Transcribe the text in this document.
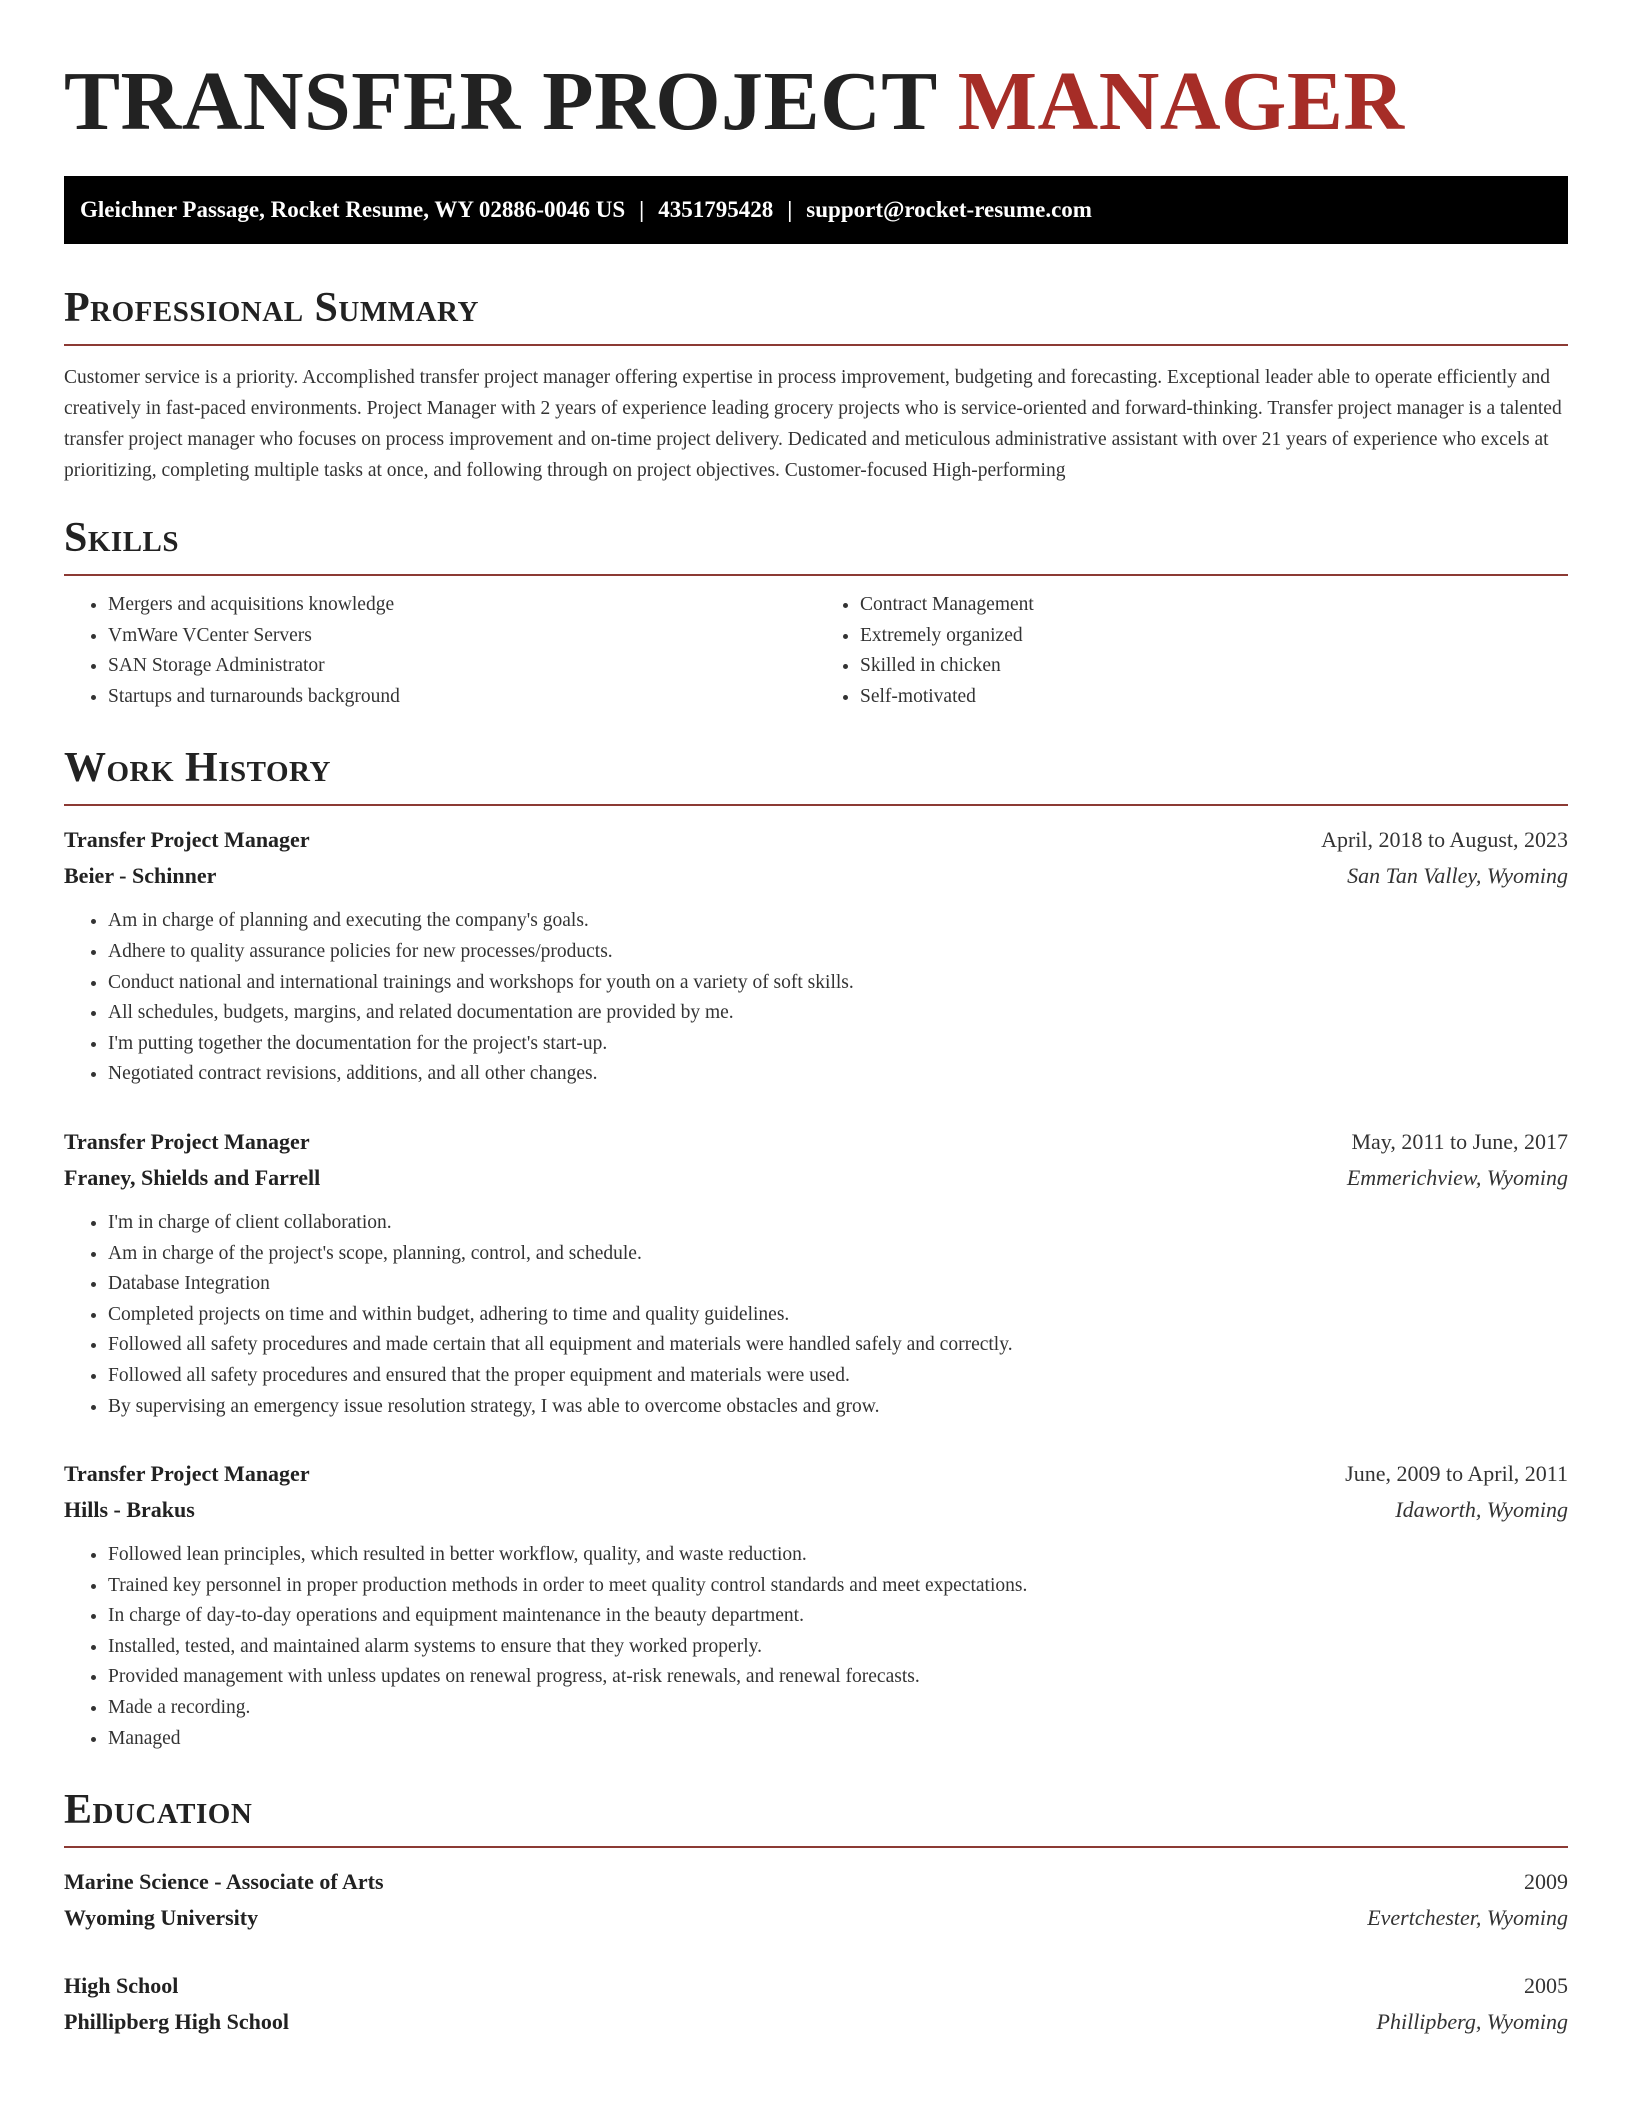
TRANSFER PROJECT MANAGER
Gleichner Passage, Rocket Resume, WY 02886-0046 US | 4351795428 | support@rocket-resume.com
Professional Summary

Customer service is a priority. Accomplished transfer project manager offering expertise in process improvement, budgeting and forecasting. Exceptional leader able to operate efficiently and creatively in fast-paced environments. Project Manager with 2 years of experience leading grocery projects who is service-oriented and forward-thinking. Transfer project manager is a talented transfer project manager who focuses on process improvement and on-time project delivery. Dedicated and meticulous administrative assistant with over 21 years of experience who excels at prioritizing, completing multiple tasks at once, and following through on project objectives. Customer-focused High-performing

Skills
• Mergers and acquisitions knowledge
• VmWare VCenter Servers
• SAN Storage Administrator
• Startups and turnarounds background
• Contract Management
• Extremely organized
• Skilled in chicken
• Self-motivated
Work History
Transfer Project Manager	April, 2018 to August, 2023
Beier - Schinner	San Tan Valley, Wyoming
• Am in charge of planning and executing the company's goals.
• Adhere to quality assurance policies for new processes/products.
• Conduct national and international trainings and workshops for youth on a variety of soft skills.
• All schedules, budgets, margins, and related documentation are provided by me.
• I'm putting together the documentation for the project's start-up.
• Negotiated contract revisions, additions, and all other changes.
Transfer Project Manager	May, 2011 to June, 2017
Franey, Shields and Farrell	Emmerichview, Wyoming
• I'm in charge of client collaboration.
• Am in charge of the project's scope, planning, control, and schedule.
• Database Integration
• Completed projects on time and within budget, adhering to time and quality guidelines.
• Followed all safety procedures and made certain that all equipment and materials were handled safely and correctly.
• Followed all safety procedures and ensured that the proper equipment and materials were used.
• By supervising an emergency issue resolution strategy, I was able to overcome obstacles and grow.
Transfer Project Manager	June, 2009 to April, 2011
Hills - Brakus	Idaworth, Wyoming
• Followed lean principles, which resulted in better workflow, quality, and waste reduction.
• Trained key personnel in proper production methods in order to meet quality control standards and meet expectations.
• In charge of day-to-day operations and equipment maintenance in the beauty department.
• Installed, tested, and maintained alarm systems to ensure that they worked properly.
• Provided management with unless updates on renewal progress, at-risk renewals, and renewal forecasts.
• Made a recording.
• Managed
Education
Marine Science - Associate of Arts	2009
Wyoming University	Evertchester, Wyoming
High School	2005
Phillipberg High School	Phillipberg, Wyoming
